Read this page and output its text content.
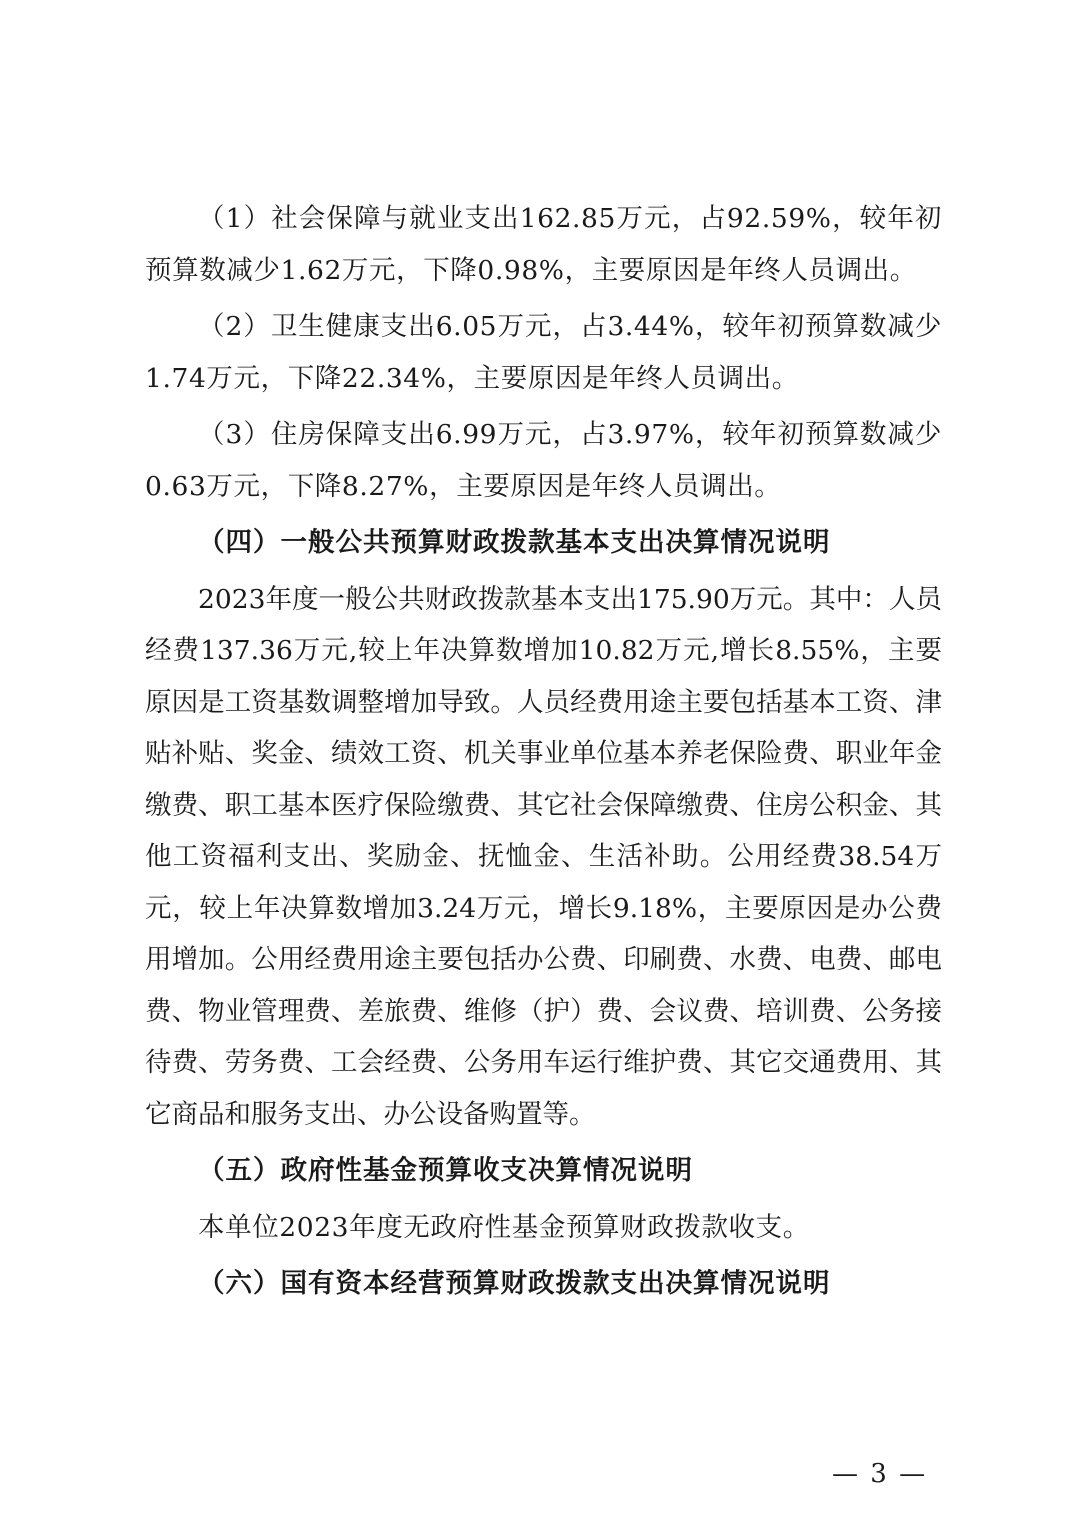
（1）社会保障与就业支出162.85万元，占92.59%，较年初预算数减少1.62万元，下降0.98%，主要原因是年终人员调出。

（2）卫生健康支出6.05万元，占3.44%，较年初预算数减少1.74万元，下降22.34%，主要原因是年终人员调出。

（3）住房保障支出6.99万元，占3.97%，较年初预算数减少0.63万元，下降8.27%，主要原因是年终人员调出。

（四）一般公共预算财政拨款基本支出决算情况说明

2023年度一般公共财政拨款基本支出175.90万元。其中：人员经费137.36万元,较上年决算数增加10.82万元,增长8.55%，主要原因是工资基数调整增加导致。人员经费用途主要包括基本工资、津贴补贴、奖金、绩效工资、机关事业单位基本养老保险费、职业年金缴费、职工基本医疗保险缴费、其它社会保障缴费、住房公积金、其他工资福利支出、奖励金、抚恤金、生活补助。公用经费38.54万元，较上年决算数增加3.24万元，增长9.18%，主要原因是办公费用增加。公用经费用途主要包括办公费、印刷费、水费、电费、邮电费、物业管理费、差旅费、维修（护）费、会议费、培训费、公务接待费、劳务费、工会经费、公务用车运行维护费、其它交通费用、其它商品和服务支出、办公设备购置等。

（五）政府性基金预算收支决算情况说明

本单位2023年度无政府性基金预算财政拨款收支。

（六）国有资本经营预算财政拨款支出决算情况说明

— 3 —
